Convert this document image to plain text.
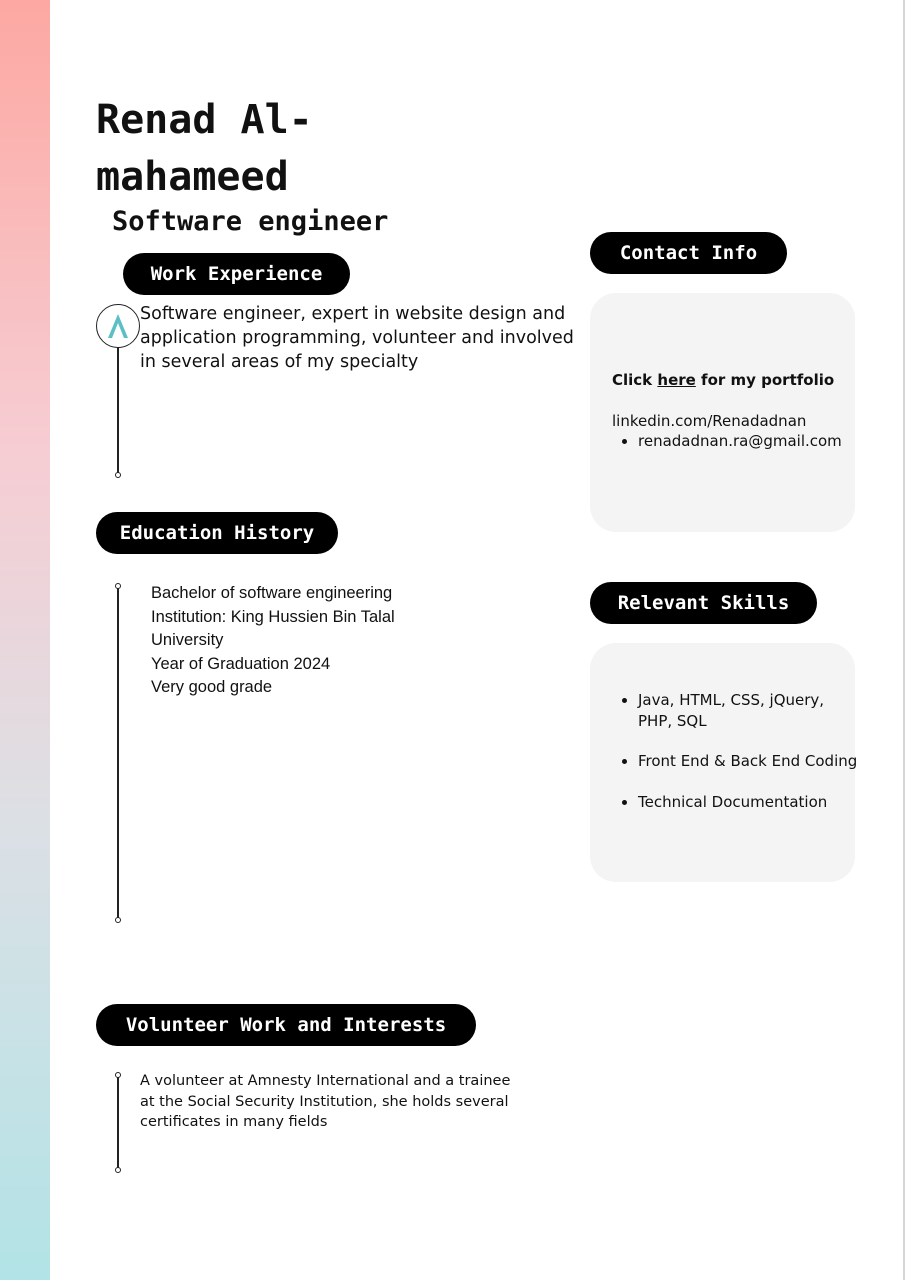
Renad Al-mahameed
Software engineer
Work Experience

Software engineer, expert in website design and application programming, volunteer and involved in several areas of my specialty

Education History
Bachelor of software engineering
Institution: King Hussien Bin Talal University
Year of Graduation 2024
Very good grade
Volunteer Work and Interests

A volunteer at Amnesty International and a trainee at the Social Security Institution, she holds several certificates in many fields

Contact Info
Click here for my portfolio
linkedin.com/Renadadnan
• renadadnan.ra@gmail.com
Relevant Skills
• Java, HTML, CSS, jQuery, PHP, SQL
• Front End & Back End Coding
• Technical Documentation
